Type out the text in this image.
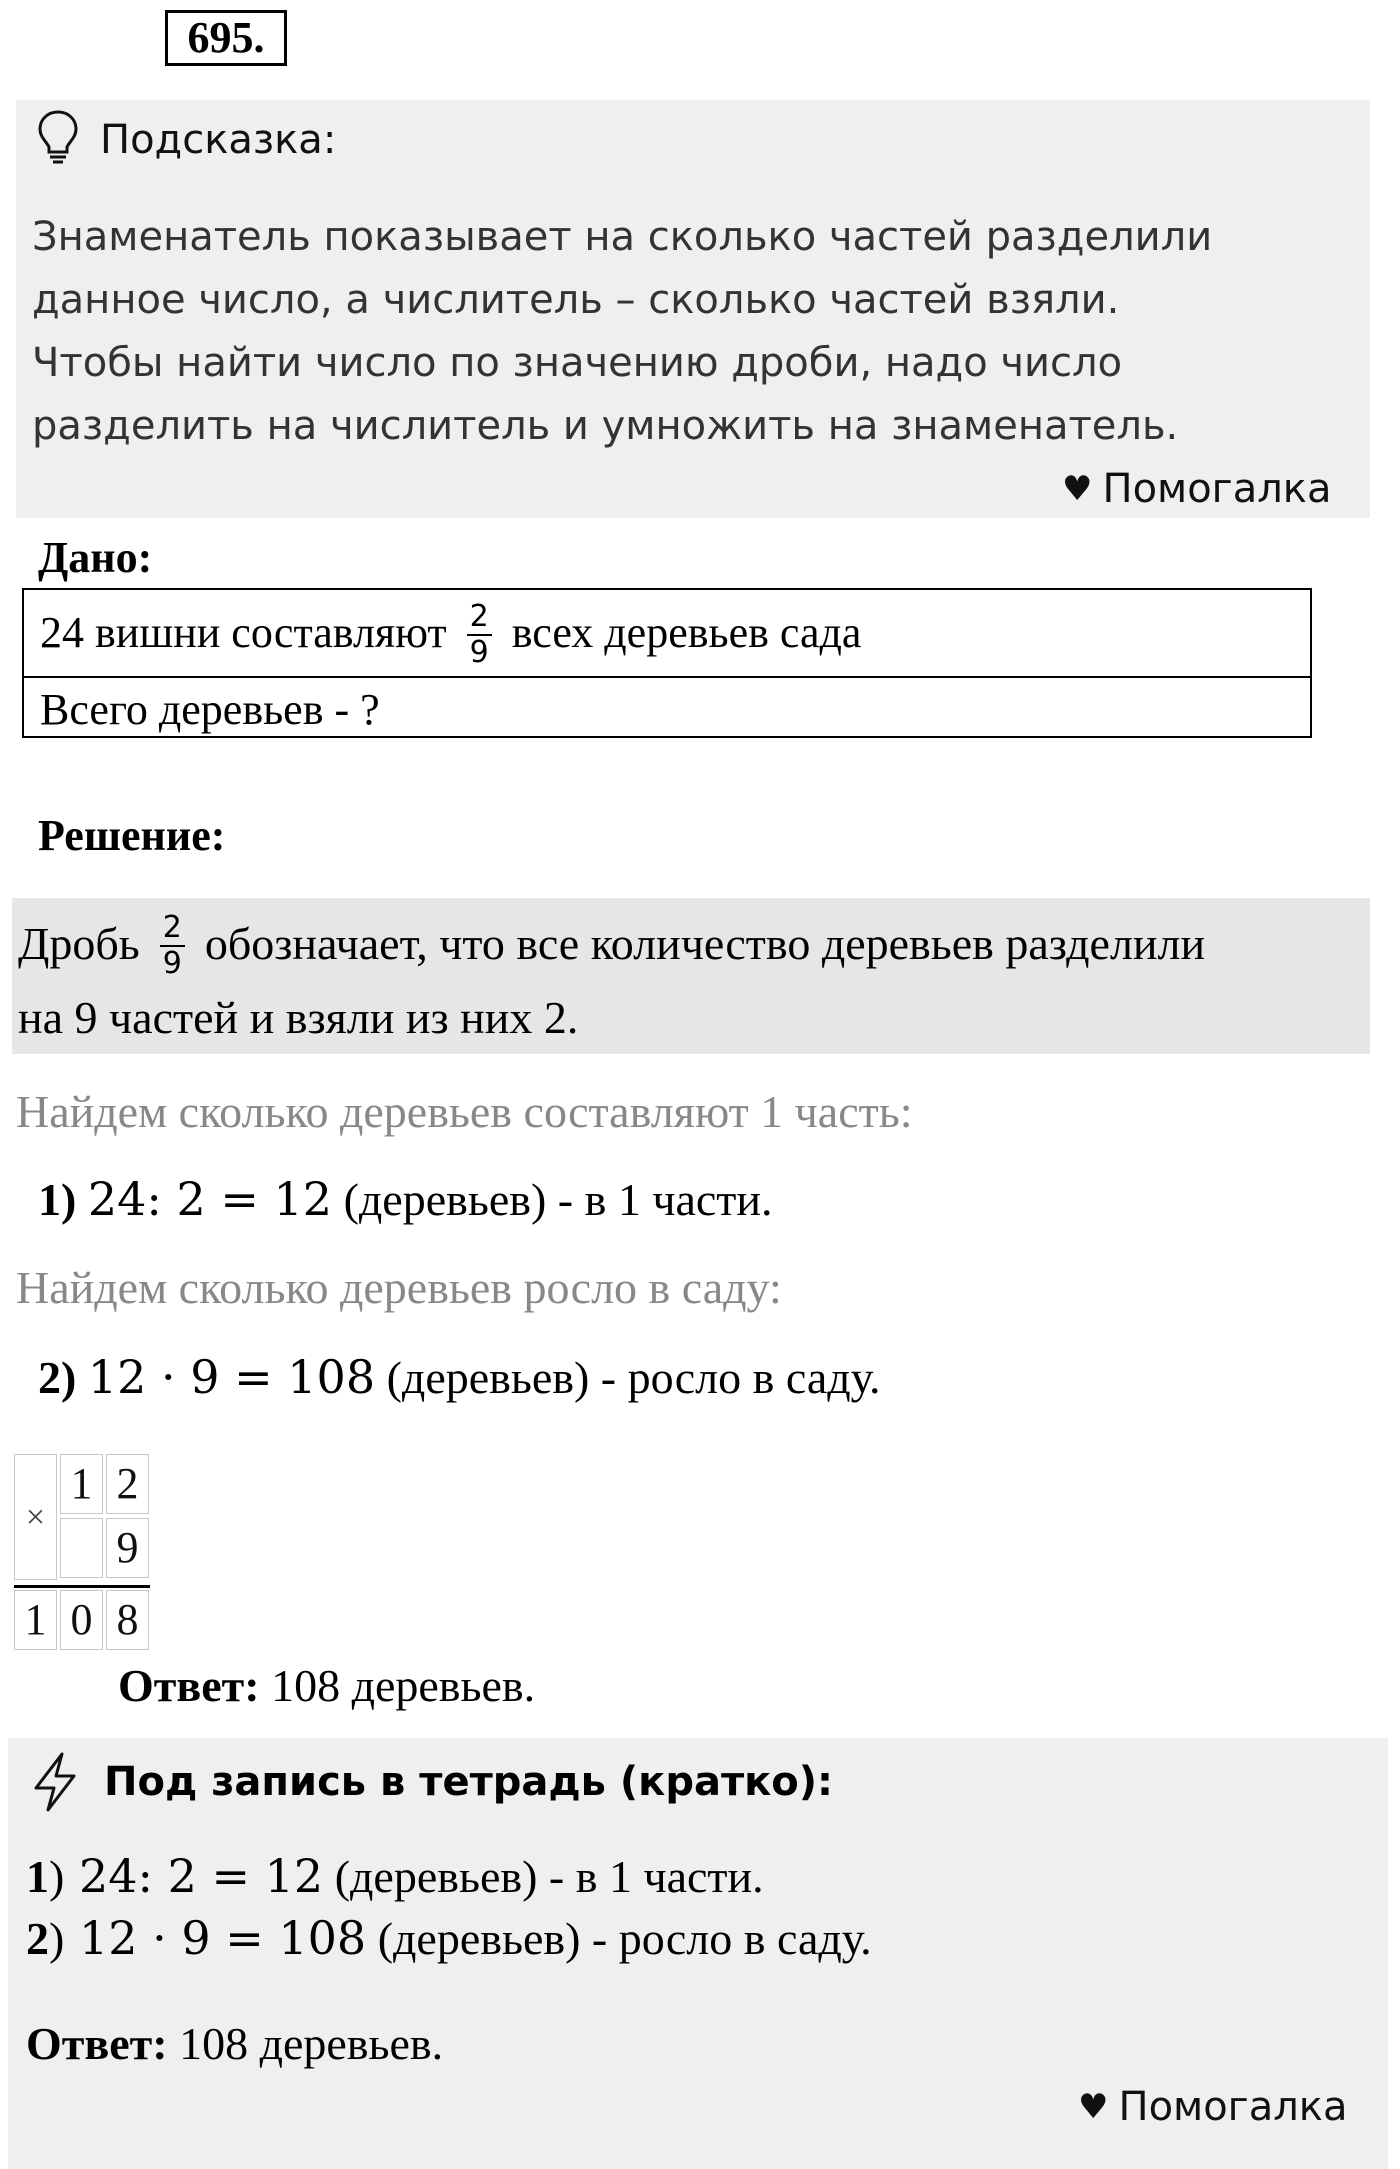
695.
Подсказка:
Знаменатель показывает на сколько частей разделили
данное число, а числитель – сколько частей взяли.
Чтобы найти число по значению дроби, надо число
разделить на числитель и умножить на знаменатель.
♥ Помогалка
Дано:
24 вишни составляют $\frac{2}{9}$ всех деревьев сада
Всего деревьев - ?
Решение:
Дробь $\frac{2}{9}$ обозначает, что все количество деревьев разделили
на 9 частей и взяли из них 2.
Найдем сколько деревьев составляют 1 часть:
1) 24: 2 = 12 (деревьев) - в 1 части.
Найдем сколько деревьев росло в саду:
2) 12 · 9 = 108 (деревьев) - росло в саду.
×
1 2
9
1 0 8
Ответ: 108 деревьев.
Под запись в тетрадь (кратко):
1) 24: 2 = 12 (деревьев) - в 1 части.
2) 12 · 9 = 108 (деревьев) - росло в саду.
Ответ: 108 деревьев.
♥ Помогалка
